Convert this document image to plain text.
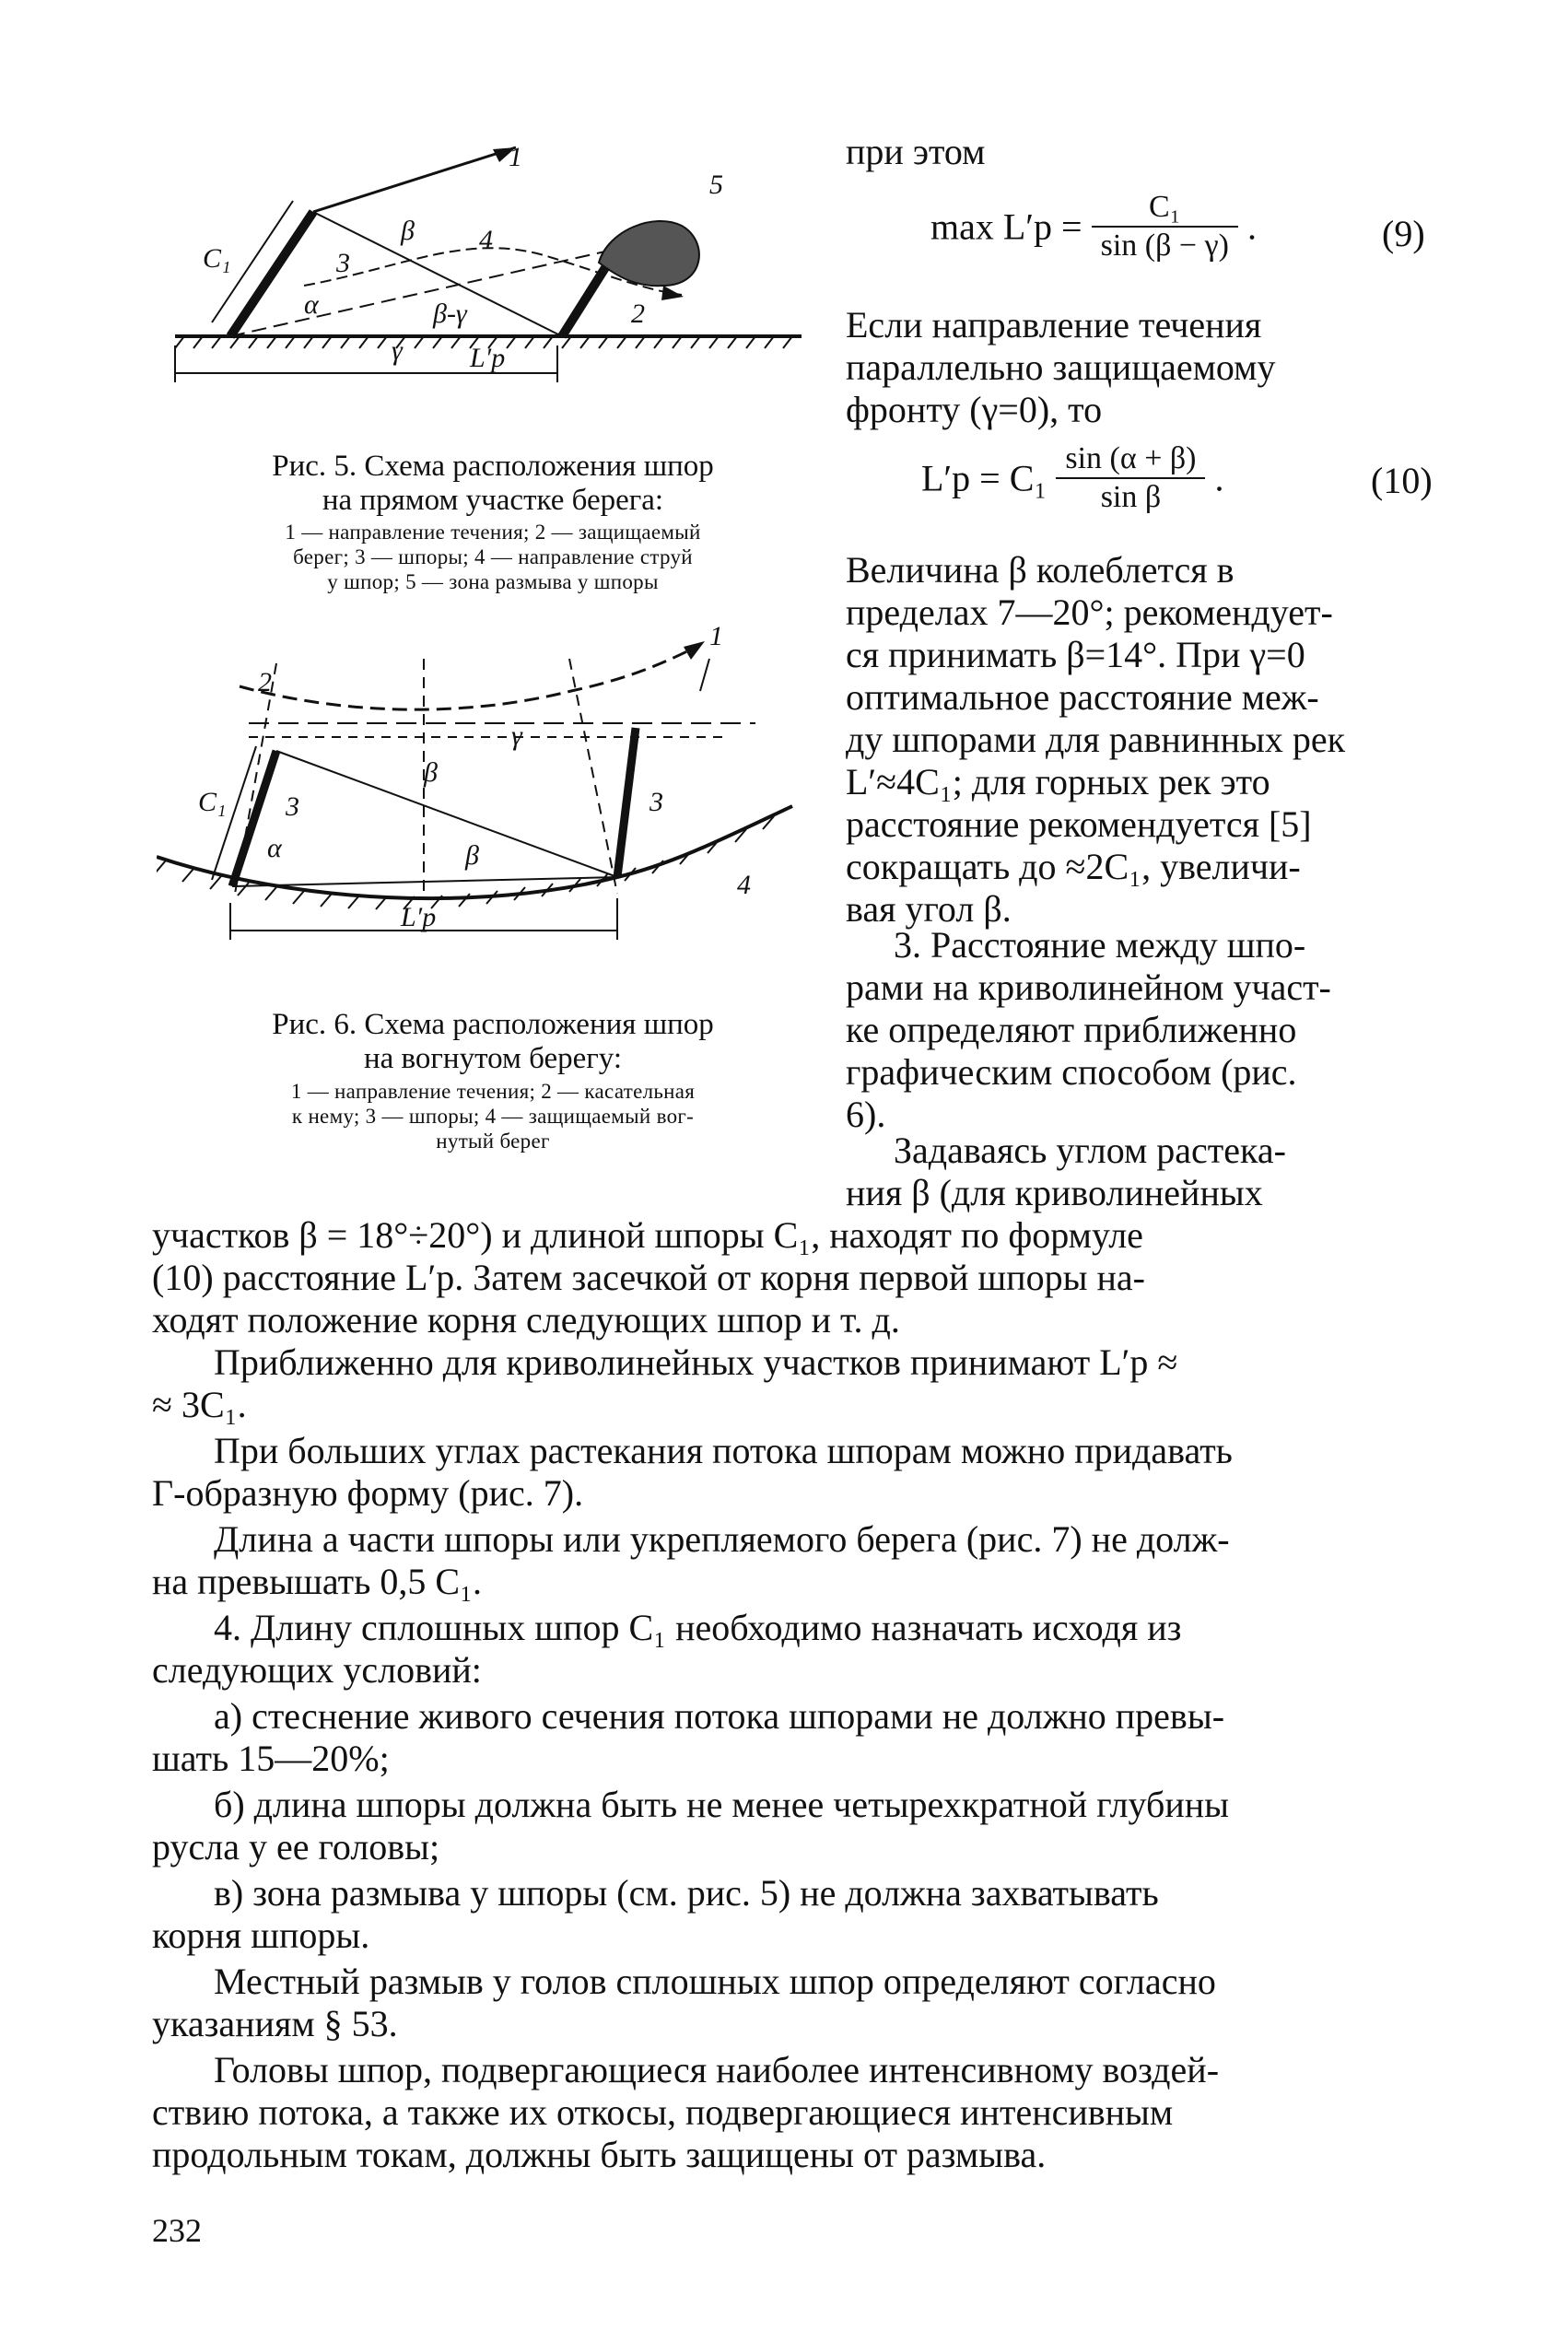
1
5
4
3
2
C₁
β
α	β-γ
γ L′р
Рис. 5. Схема расположения шпор
на прямом участке берега:
1 — направление течения; 2 — защищаемый
берег; 3 — шпоры; 4 — направление струй
у шпор; 5 — зона размыва у шпоры
1
2
γ
β
β
α
3	3
4
C₁
L′р
Рис. 6. Схема расположения шпор
на вогнутом берегу:
1 — направление течения; 2 — касательная
к нему; 3 — шпоры; 4 — защищаемый вог-
нутый берег
при этом
$\max L'р = \frac{\text{C₁}}{\sin (\beta - \gamma)}$ .	(9)
Если направление течения
параллельно защищаемому
фронту (γ=0), то
$L'р = C_1 \frac{\sin (\alpha + \beta)}{\text{sin β}}$ .	(10)
Величина β колеблется в
пределах 7—20°; рекомендует-
ся принимать β=14°. При γ=0
оптимальное расстояние меж-
ду шпорами для равнинных рек
L′≈4C₁; для горных рек это
расстояние рекомендуется [5]
сокращать до ≈2C₁, увеличи-
вая угол β.
3. Расстояние между шпо-
рами на криволинейном участ-
ке определяют приближенно
графическим способом (рис.
6).
Задаваясь углом растека-
ния β (для криволинейных
участков β = 18°÷20°) и длиной шпоры C₁, находят по формуле
(10) расстояние L′р. Затем засечкой от корня первой шпоры на-
ходят положение корня следующих шпор и т. д.
Приближенно для криволинейных участков принимают L′р ≈
≈ 3C₁.
При больших углах растекания потока шпорам можно придавать
Г-образную форму (рис. 7).
Длина a части шпоры или укрепляемого берега (рис. 7) не долж-
на превышать 0,5 C₁.
4. Длину сплошных шпор C₁ необходимо назначать исходя из
следующих условий:
а) стеснение живого сечения потока шпорами не должно превы-
шать 15—20%;
б) длина шпоры должна быть не менее четырехкратной глубины
русла у ее головы;
в) зона размыва у шпоры (см. рис. 5) не должна захватывать
корня шпоры.
Местный размыв у голов сплошных шпор определяют согласно
указаниям § 53.
Головы шпор, подвергающиеся наиболее интенсивному воздей-
ствию потока, а также их откосы, подвергающиеся интенсивным
продольным токам, должны быть защищены от размыва.
232
